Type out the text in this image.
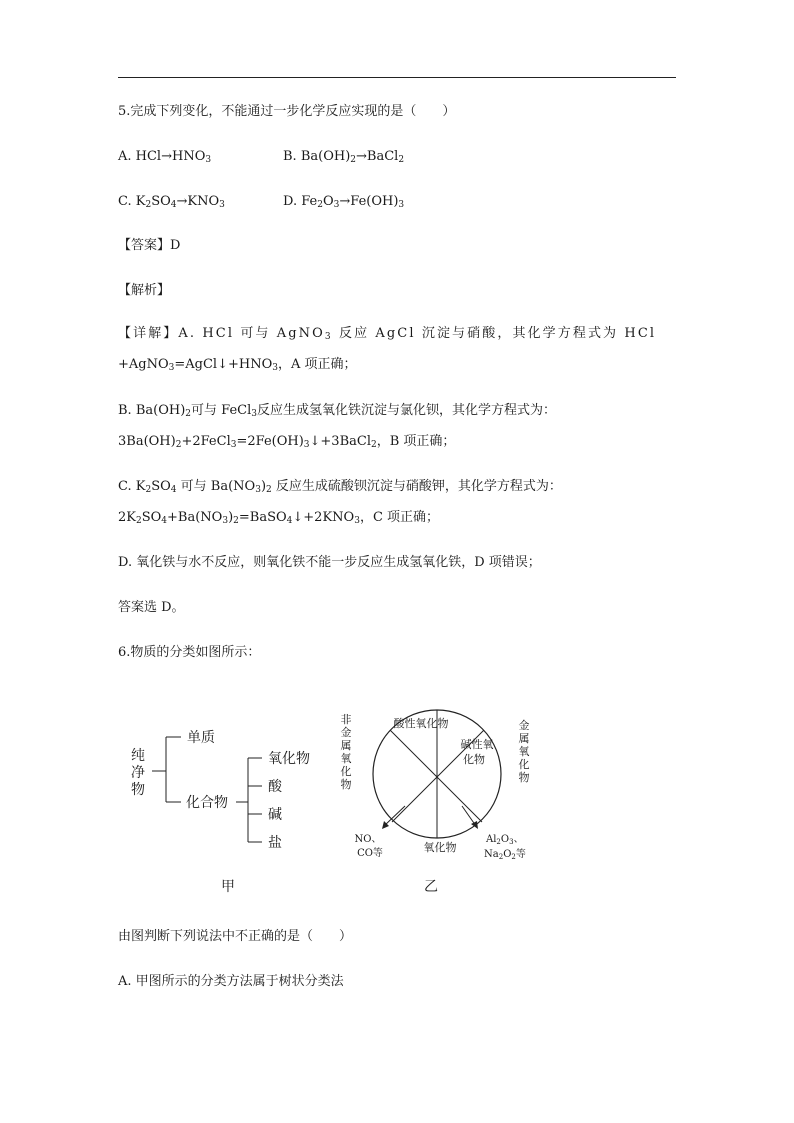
5.完成下列变化，不能通过一步化学反应实现的是（　　）
A. $HCl\to HNO_3$	B. $Ba(OH)_2\to BaCl_2$
C. $K_2SO_4\to KNO_3$	D. $Fe_2O_3\to Fe(OH)_3$
【答案】D
【解析】
【详解】A. HCl 可与 AgNO$_3$ 反应 AgCl 沉淀与硝酸，其化学方程式为 HCl
$+AgNO_3=AgCl↓+HNO_3$，A 项正确；
B. $Ba(OH)_2$可与 FeCl$_3$反应生成氢氧化铁沉淀与氯化钡，其化学方程式为：
$3Ba(OH)_2+2FeCl_3=2Fe(OH)_3↓+3BaCl_2$，B 项正确；
C. $K_2SO_4$ 可与 $Ba(NO_3)_2$ 反应生成硫酸钡沉淀与硝酸钾，其化学方程式为：
$2K_2SO_4+Ba(NO_3)_2=BaSO_4↓+2KNO_3$，C 项正确；
D. 氧化铁与水不反应，则氧化铁不能一步反应生成氢氧化铁，D 项错误；
答案选 D。
6.物质的分类如图所示：
纯
净
物
单质
化合物
氧化物
酸
碱
盐
甲
非
金
属
氧
化
物
金
属
氧
化
物
酸性氧化物
碱性氧
化物
氧化物
NO、
CO等
$Al_2O_3$、
$Na_2O_2$等
乙
由图判断下列说法中不正确的是（　　）
A. 甲图所示的分类方法属于树状分类法
